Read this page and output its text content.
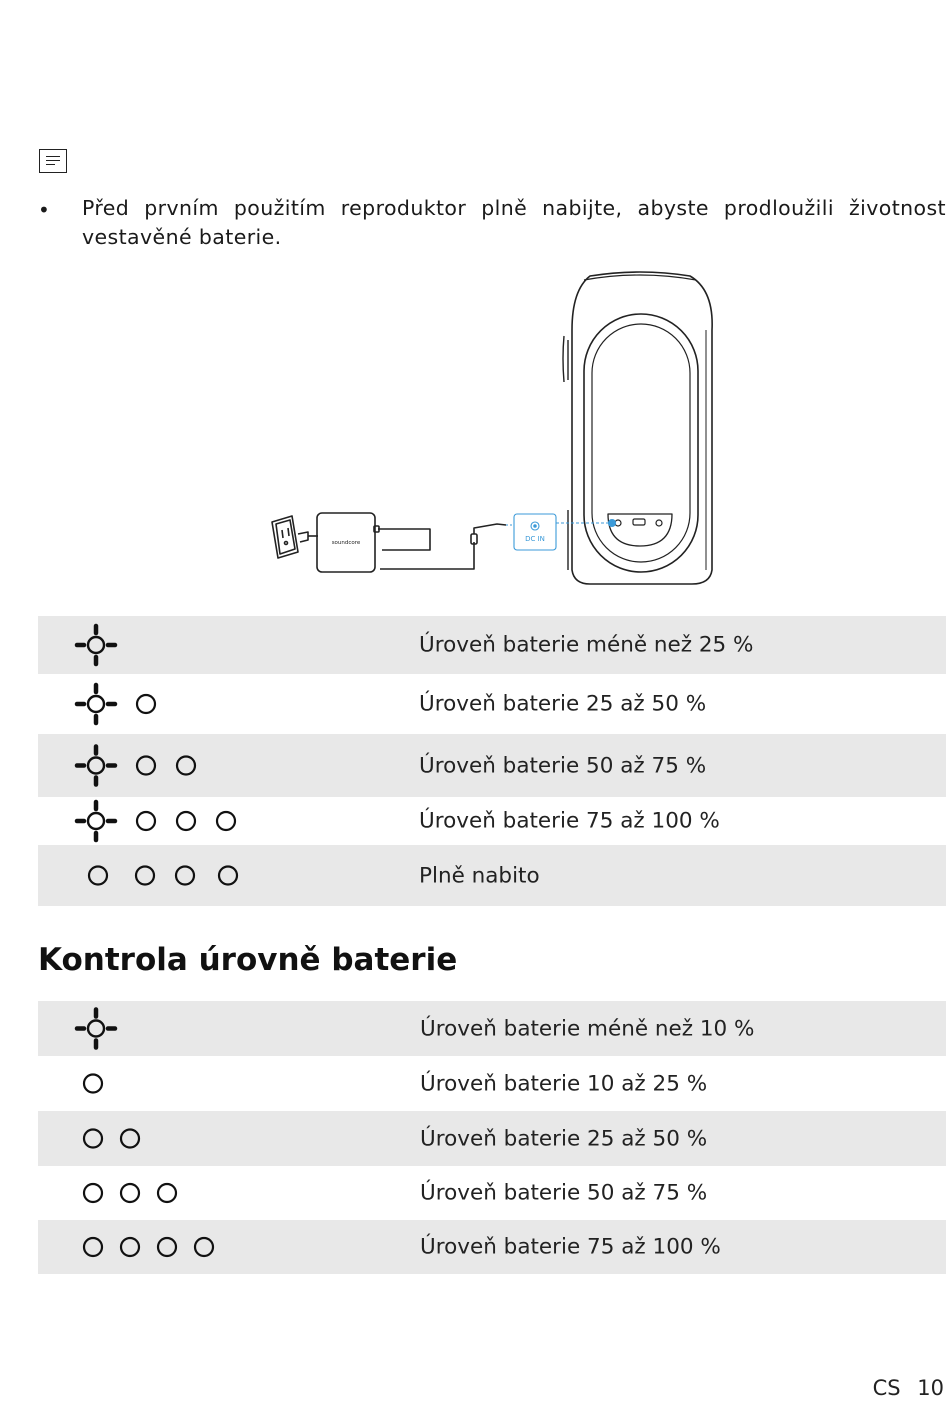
• Před prvním použitím reproduktor plně nabijte, abyste prodloužili životnost vestavěné baterie.
soundcore	DC IN
Úroveň baterie méně než 25 %
Úroveň baterie 25 až 50 %
Úroveň baterie 50 až 75 %
Úroveň baterie 75 až 100 %
Plně nabito
Kontrola úrovně baterie
Úroveň baterie méně než 10 %
Úroveň baterie 10 až 25 %
Úroveň baterie 25 až 50 %
Úroveň baterie 50 až 75 %
Úroveň baterie 75 až 100 %
CS 10
